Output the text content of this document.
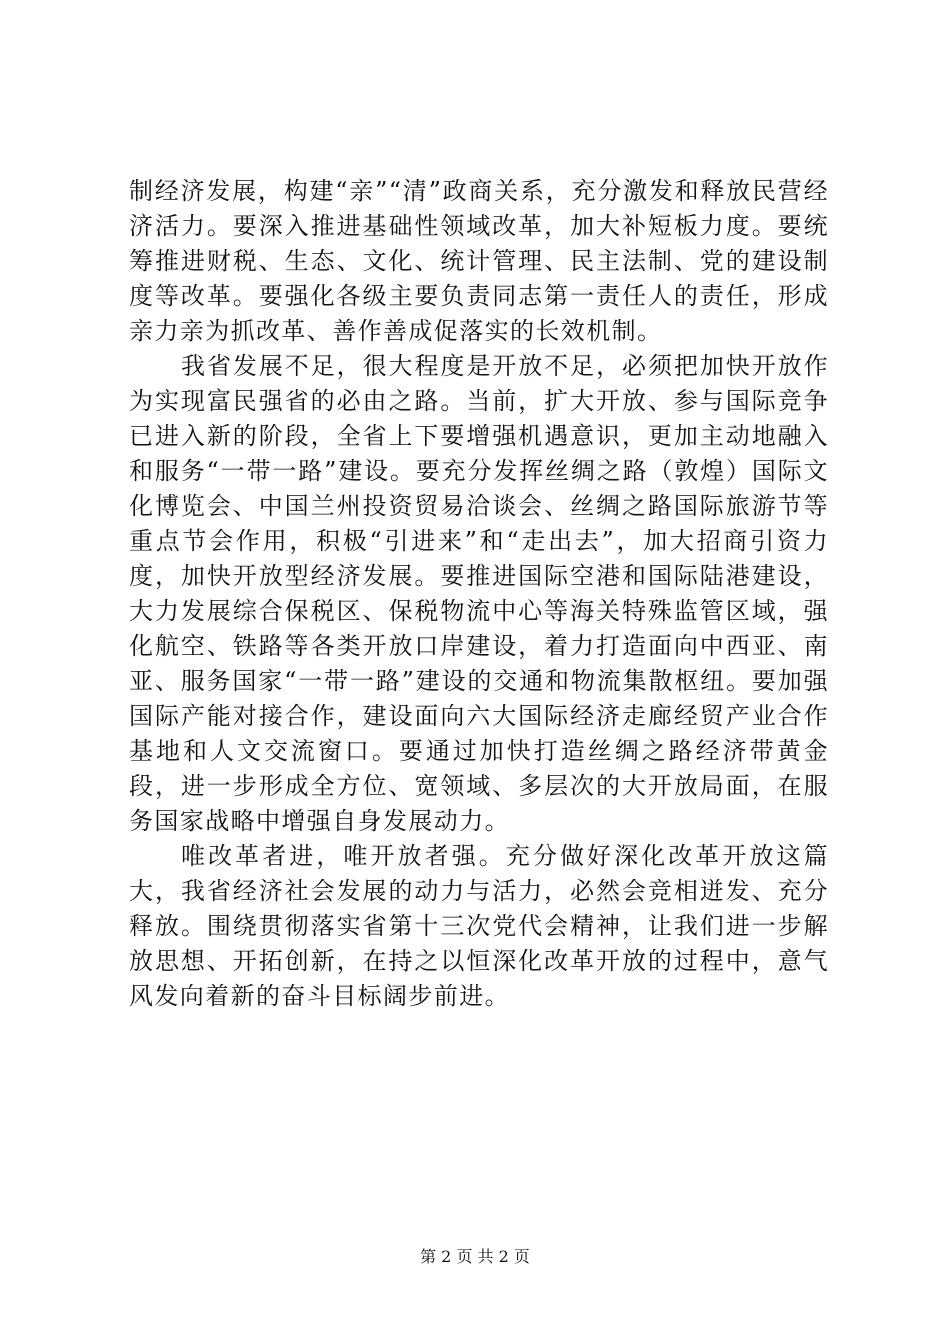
制经济发展，构建“亲”“清”政商关系，充分激发和释放民营经济活力。要深入推进基础性领域改革，加大补短板力度。要统筹推进财税、生态、文化、统计管理、民主法制、党的建设制度等改革。要强化各级主要负责同志第一责任人的责任，形成亲力亲为抓改革、善作善成促落实的长效机制。

我省发展不足，很大程度是开放不足，必须把加快开放作为实现富民强省的必由之路。当前，扩大开放、参与国际竞争已进入新的阶段，全省上下要增强机遇意识，更加主动地融入和服务“一带一路”建设。要充分发挥丝绸之路（敦煌）国际文化博览会、中国兰州投资贸易洽谈会、丝绸之路国际旅游节等重点节会作用，积极“引进来”和“走出去”，加大招商引资力度，加快开放型经济发展。要推进国际空港和国际陆港建设，大力发展综合保税区、保税物流中心等海关特殊监管区域，强化航空、铁路等各类开放口岸建设，着力打造面向中西亚、南亚、服务国家“一带一路”建设的交通和物流集散枢纽。要加强国际产能对接合作，建设面向六大国际经济走廊经贸产业合作基地和人文交流窗口。要通过加快打造丝绸之路经济带黄金段，进一步形成全方位、宽领域、多层次的大开放局面，在服务国家战略中增强自身发展动力。

唯改革者进，唯开放者强。充分做好深化改革开放这篇大，我省经济社会发展的动力与活力，必然会竞相迸发、充分释放。围绕贯彻落实省第十三次党代会精神，让我们进一步解放思想、开拓创新，在持之以恒深化改革开放的过程中，意气风发向着新的奋斗目标阔步前进。

第 2 页 共 2 页
